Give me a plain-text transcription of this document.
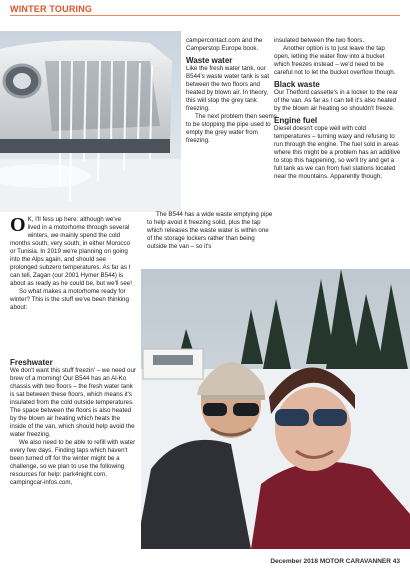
WINTER TOURING
O K, I'll fess up here: although we've lived in a motorhome through several winters, we mainly spend the cold months south, very south, in either Morocco or Tunisia. In 2019 we're planning on going into the Alps again, and should see prolonged subzero temperatures. As far as I can tell, Zagan (our 2001 Hymer B544) is about as ready as he could be, but we'll see!

So what makes a motorhome ready for winter? This is the stuff we've been thinking about:

Freshwater

We don't want this stuff freezin' – we need our brew of a morning! Our B544 has an Al-Ko chassis with two floors – the fresh water tank is sat between these floors, which means it's insulated from the cold outside temperatures. The space between the floors is also heated by the blown air heating which heats the inside of the van, which should help avoid the water freezing.

We also need to be able to refill with water every few days. Finding taps which haven't been turned off for the winter might be a challenge, so we plan to use the following resources for help: park4night.com, campingcar-infos.com,

campercontact.com and the Camperstop Europe book.

Waste water

Like the fresh water tank, our B544's waste water tank is sat between the two floors and heated by blown air. In theory, this will stop the grey tank freezing.

The next problem then seems to be stopping the pipe used to empty the grey water from freezing.

The B544 has a wide waste emptying pipe to help avoid it freezing solid, plus the tap which releases the waste water is within one of the storage lockers rather than being outside the van – so it's

insulated between the two floors.

Another option is to just leave the tap open, letting the water flow into a bucket which freezes instead – we'd need to be careful not to let the bucket overflow though.

Black waste

Our Thetford cassette's in a locker to the rear of the van. As far as I can tell it's also heated by the blown air heating so shouldn't freeze.

Engine fuel

Diesel doesn't cope well with cold temperatures – turning waxy and refusing to run through the engine. The fuel sold in areas where this might be a problem has an additive to stop this happening, so we'll try and get a full tank as we can from fuel stations located near the mountains. Apparently though,

December 2018 MOTOR CARAVANNER 43
